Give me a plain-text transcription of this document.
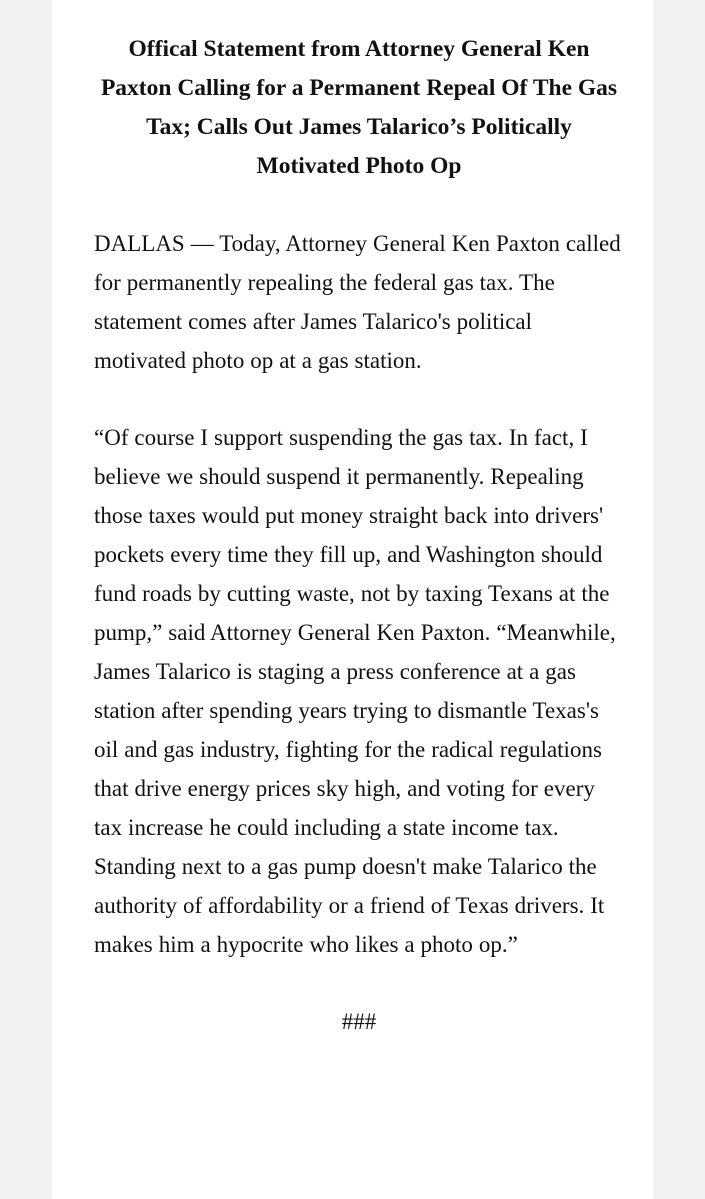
Offical Statement from Attorney General Ken Paxton Calling for a Permanent Repeal Of The Gas Tax; Calls Out James Talarico’s Politically Motivated Photo Op

DALLAS — Today, Attorney General Ken Paxton called for permanently repealing the federal gas tax. The statement comes after James Talarico's political motivated photo op at a gas station.

“Of course I support suspending the gas tax. In fact, I believe we should suspend it permanently. Repealing those taxes would put money straight back into drivers' pockets every time they fill up, and Washington should fund roads by cutting waste, not by taxing Texans at the pump,” said Attorney General Ken Paxton. “Meanwhile, James Talarico is staging a press conference at a gas station after spending years trying to dismantle Texas's oil and gas industry, fighting for the radical regulations that drive energy prices sky high, and voting for every tax increase he could including a state income tax. Standing next to a gas pump doesn't make Talarico the authority of affordability or a friend of Texas drivers. It makes him a hypocrite who likes a photo op.”

###
